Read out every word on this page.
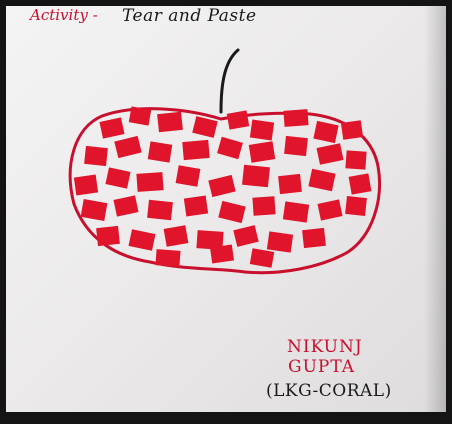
Activity - Tear and Paste
NIKUNJ
GUPTA
(LKG-CORAL)
